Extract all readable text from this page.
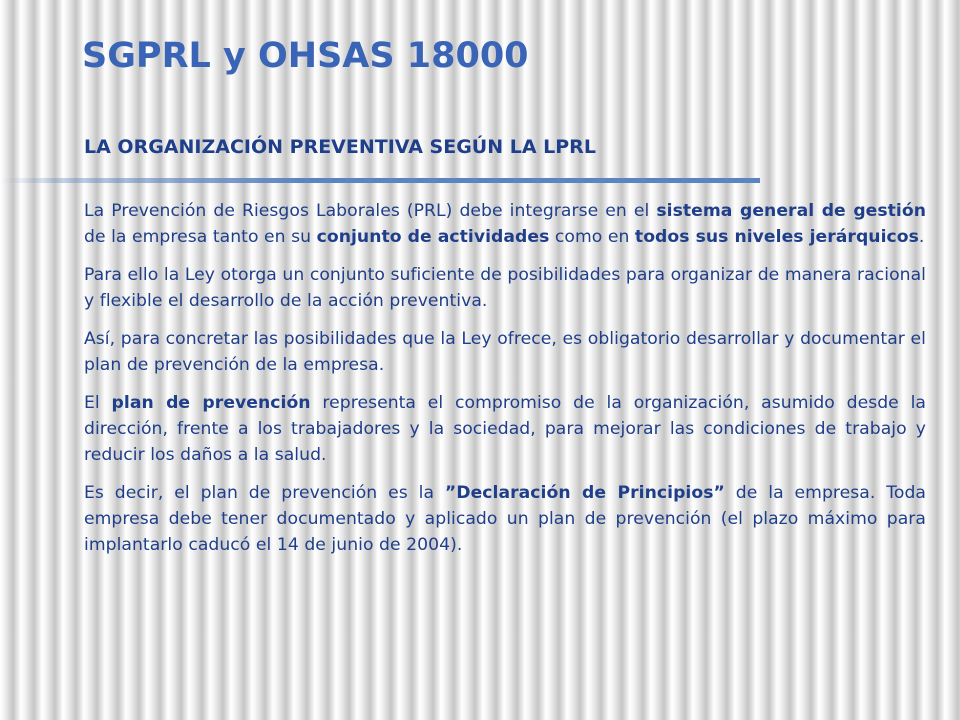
SGPRL y OHSAS 18000
LA ORGANIZACIÓN PREVENTIVA SEGÚN LA LPRL

La Prevención de Riesgos Laborales (PRL) debe integrarse en el sistema general de gestión de la empresa tanto en su conjunto de actividades como en todos sus niveles jerárquicos.

Para ello la Ley otorga un conjunto suficiente de posibilidades para organizar de manera racional y flexible el desarrollo de la acción preventiva.

Así, para concretar las posibilidades que la Ley ofrece, es obligatorio desarrollar y documentar el plan de prevención de la empresa.

El plan de prevención representa el compromiso de la organización, asumido desde la dirección, frente a los trabajadores y la sociedad, para mejorar las condiciones de trabajo y reducir los daños a la salud.

Es decir, el plan de prevención es la ”Declaración de Principios” de la empresa. Toda empresa debe tener documentado y aplicado un plan de prevención (el plazo máximo para implantarlo caducó el 14 de junio de 2004).
